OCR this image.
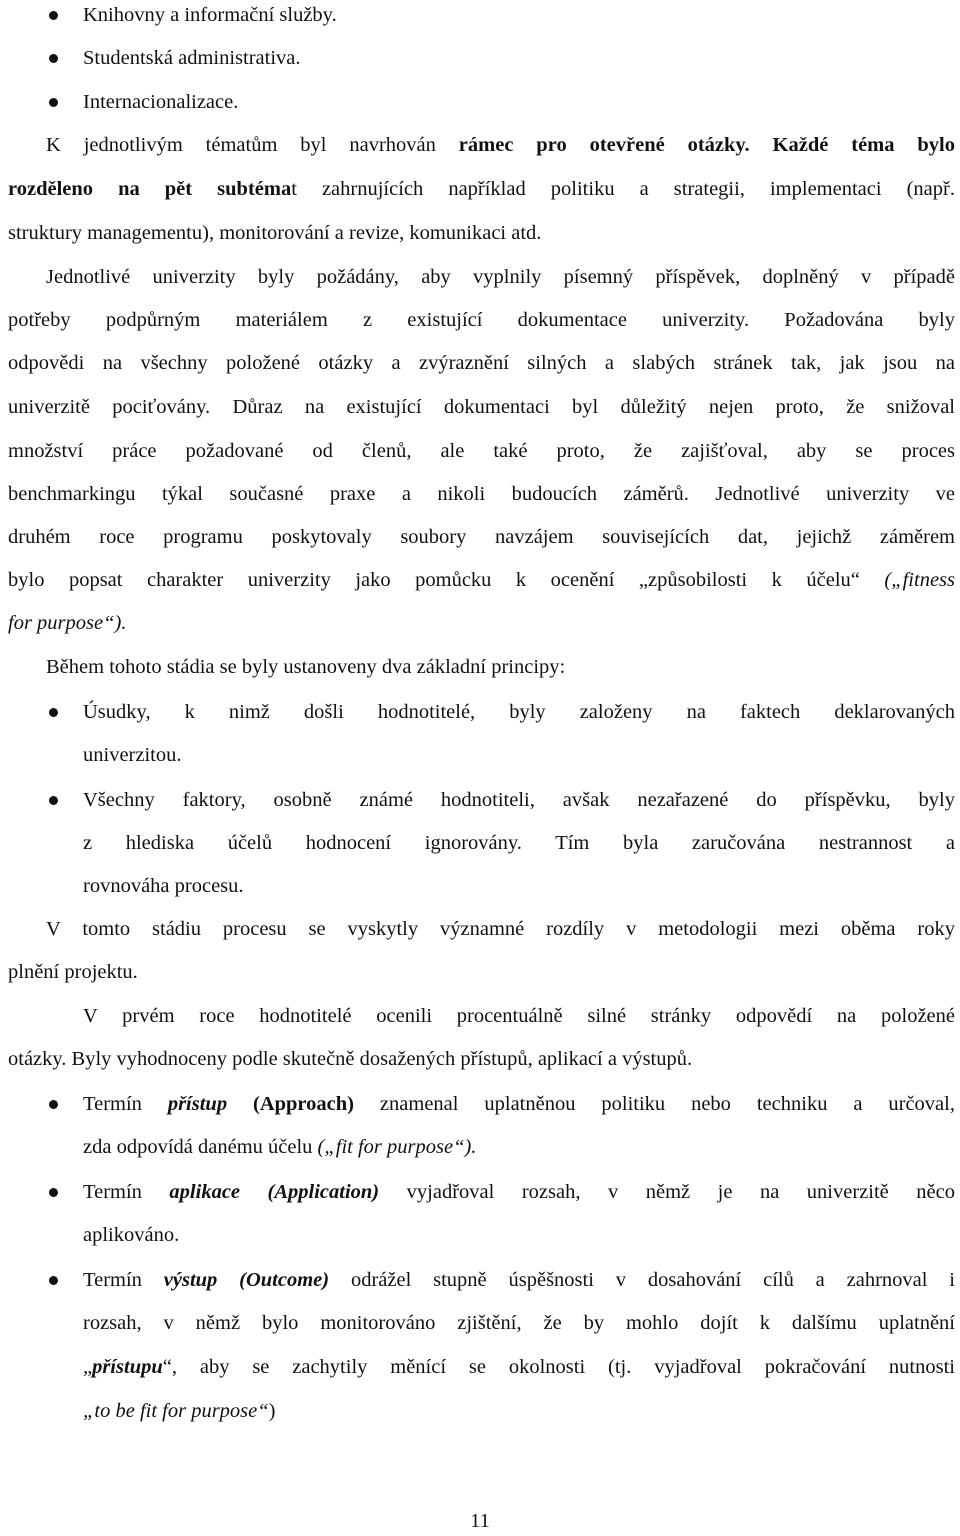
Knihovny a informační služby.
Studentská administrativa.
Internacionalizace.
K jednotlivým tématům byl navrhován rámec pro otevřené otázky. Každé téma bylo
rozděleno na pět subtémat zahrnujících například politiku a strategii, implementaci (např.
struktury managementu), monitorování a revize, komunikaci atd.
Jednotlivé univerzity byly požádány, aby vyplnily písemný příspěvek, doplněný v případě
potřeby podpůrným materiálem z existující dokumentace univerzity. Požadována byly
odpovědi na všechny položené otázky a zvýraznění silných a slabých stránek tak, jak jsou na
univerzitě pociťovány. Důraz na existující dokumentaci byl důležitý nejen proto, že snižoval
množství práce požadované od členů, ale také proto, že zajišťoval, aby se proces
benchmarkingu týkal současné praxe a nikoli budoucích záměrů. Jednotlivé univerzity ve
druhém roce programu poskytovaly soubory navzájem souvisejících dat, jejichž záměrem
bylo popsat charakter univerzity jako pomůcku k ocenění „způsobilosti k účelu“ („fitness
for purpose“).
Během tohoto stádia se byly ustanoveny dva základní principy:
Úsudky, k nimž došli hodnotitelé, byly založeny na faktech deklarovaných
univerzitou.
Všechny faktory, osobně známé hodnotiteli, avšak nezařazené do příspěvku, byly
z hlediska účelů hodnocení ignorovány. Tím byla zaručována nestrannost a
rovnováha procesu.
V tomto stádiu procesu se vyskytly významné rozdíly v metodologii mezi oběma roky
plnění projektu.
V prvém roce hodnotitelé ocenili procentuálně silné stránky odpovědí na položené
otázky. Byly vyhodnoceny podle skutečně dosažených přístupů, aplikací a výstupů.
Termín přístup (Approach) znamenal uplatněnou politiku nebo techniku a určoval,
zda odpovídá danému účelu („fit for purpose“).
Termín aplikace (Application) vyjadřoval rozsah, v němž je na univerzitě něco
aplikováno.
Termín výstup (Outcome) odrážel stupně úspěšnosti v dosahování cílů a zahrnoval i
rozsah, v němž bylo monitorováno zjištění, že by mohlo dojít k dalšímu uplatnění
„přístupu“, aby se zachytily měnící se okolnosti (tj. vyjadřoval pokračování nutnosti
„to be fit for purpose“)
11
